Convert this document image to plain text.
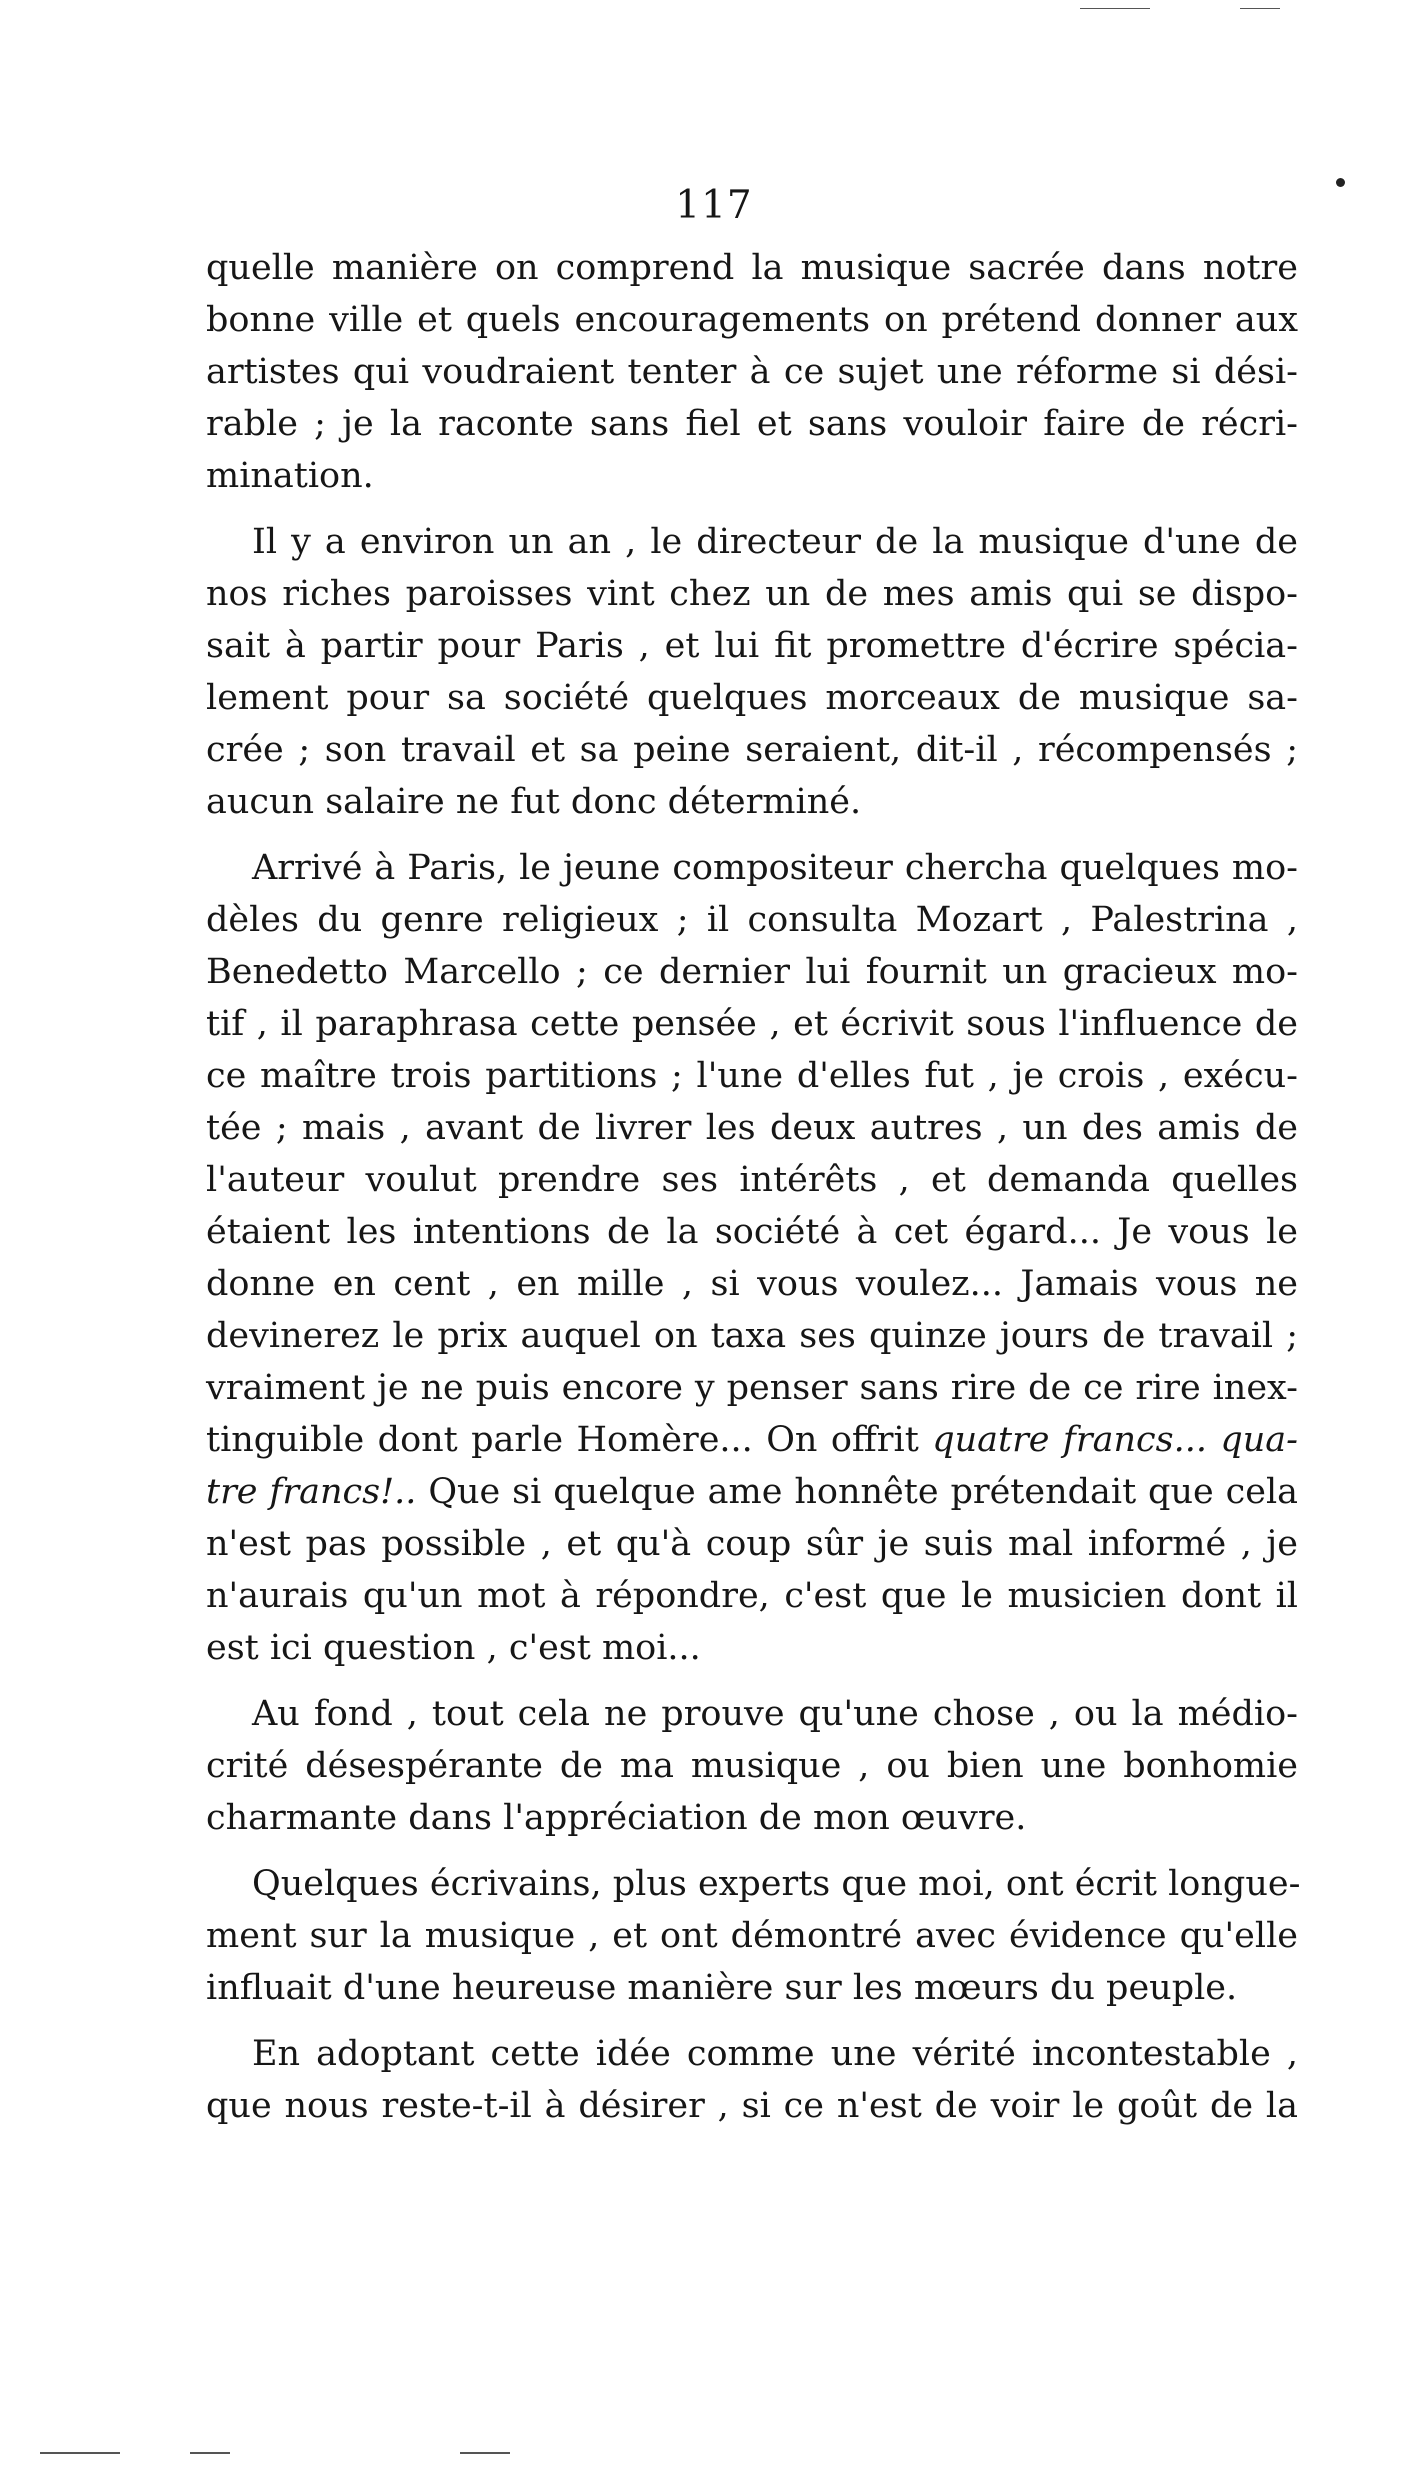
117
quelle manière on comprend la musique sacrée dans notre
bonne ville et quels encouragements on prétend donner aux
artistes qui voudraient tenter à ce sujet une réforme si dési-
rable ; je la raconte sans fiel et sans vouloir faire de récri-
mination.
Il y a environ un an , le directeur de la musique d'une de
nos riches paroisses vint chez un de mes amis qui se dispo-
sait à partir pour Paris , et lui fit promettre d'écrire spécia-
lement pour sa société quelques morceaux de musique sa-
crée ; son travail et sa peine seraient, dit-il , récompensés ;
aucun salaire ne fut donc déterminé.
Arrivé à Paris, le jeune compositeur chercha quelques mo-
dèles du genre religieux ; il consulta Mozart , Palestrina ,
Benedetto Marcello ; ce dernier lui fournit un gracieux mo-
tif , il paraphrasa cette pensée , et écrivit sous l'influence de
ce maître trois partitions ; l'une d'elles fut , je crois , exécu-
tée ; mais , avant de livrer les deux autres , un des amis de
l'auteur voulut prendre ses intérêts , et demanda quelles
étaient les intentions de la société à cet égard... Je vous le
donne en cent , en mille , si vous voulez... Jamais vous ne
devinerez le prix auquel on taxa ses quinze jours de travail ;
vraiment je ne puis encore y penser sans rire de ce rire inex-
tinguible dont parle Homère... On offrit quatre francs... qua-
tre francs!.. Que si quelque ame honnête prétendait que cela
n'est pas possible , et qu'à coup sûr je suis mal informé , je
n'aurais qu'un mot à répondre, c'est que le musicien dont il
est ici question , c'est moi...
Au fond , tout cela ne prouve qu'une chose , ou la médio-
crité désespérante de ma musique , ou bien une bonhomie
charmante dans l'appréciation de mon œuvre.
Quelques écrivains, plus experts que moi, ont écrit longue-
ment sur la musique , et ont démontré avec évidence qu'elle
influait d'une heureuse manière sur les mœurs du peuple.
En adoptant cette idée comme une vérité incontestable ,
que nous reste-t-il à désirer , si ce n'est de voir le goût de la
